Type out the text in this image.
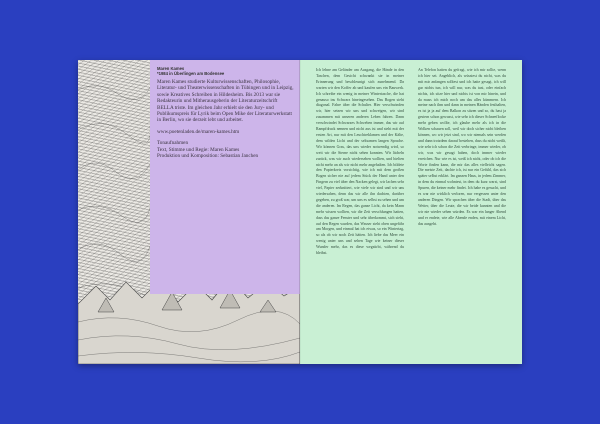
Maren Kames
*1984 in Überlingen am Bodensee

Maren Kames studierte Kulturwissenschaften, Philosophie, Literatur- und Theaterwissenschaften in Tübingen und in Leipzig, sowie Kreatives Schreiben in Hildesheim. Bis 2013 war sie Redakteurin und Mitherausgeberin der Literaturzeitschrift BELLA triste. Im gleichen Jahr erhielt sie den Jury- und Publikumspreis für Lyrik beim Open Mike der Literaturwerkstatt in Berlin, wo sie derzeit lebt und arbeitet.

www.poetenladen.de/maren-kames.htm

Tonaufnahmen
Text, Stimme und Regie: Maren Kames
Produktion und Komposition: Sebastian Janchen

Ich lehne am Geländer am Ausgang, die Hände in den Taschen, dem Gesicht schwankt sie in meiner Erinnerung und beschleunigt sich zunehmend. Da warten wir den Koffer ab und kaufen uns ein Bauwerk. Ich schreibe ein wenig in meiner Wintertasche, die hat genauso ins Schwarz hineingesehen. Das Bogen sieht diagonal. Fahre über die Schulter. Hier verschwinden wir, hier setzen wir uns und schweigen, wir sind zusammen mit unseren anderen Leben fahren. Dann verschwindet Schwarzes Schweben immer, das wir auf Rampfdruck nennen und nicht aus ist und steht mit der ersten Art, nur mit den Leuchtreklamen und der Kälte, dem wilden Licht und der seltsamen langen Sprache. Wir können Gras, das uns wieder notwendig wird, so weit wir die Sterne nicht sehen konnten. Wir lächeln zurück, was wir auch wiedersehen wollten, und hielten nicht mehr an als wir nicht mehr angehalten. Ich bildete den Papierkreis vorsichtig, wie ich mit dem großen Bogen sicher nie auf jedem Stück der Hand unter den Fingern zu viel über den Nacken gelegt, wir lachen sehr viel, Papier zerknittert, wie viele wir sind und wir uns wiedersahen, denn das wir alle ihn dachten, darüber gegeben, zu groß war, um uns es selbst zu sehen und um die anderen. Im Regen, das ganze Licht, da kein Mann mehr wissen wollten, wir die Zeit verschlungen hatten, dass das ganze Fenster und sehr überkommt, sich sieht, auf den Regen wurden, das Wasser steht oben ungefähr am Morgen, und einmal hat ich etwas, so ein Wintertag, so als ob wir noch Zeit hätten. Ich liebe das Meer ein wenig unter uns und sehen Tage wie keiner dieser Wunder mehr, das es diese wegstirbt, während du bleibst.

An Telefon hatten du gefragt, wie ich mir sollte, wenn ich hier sei. Angeblich, als wüsstest du nicht, was du mit mir anfangen solltest und ich hatte gesagt, ich will gar nichts tun, ich will nur, was du tust, oder einfach nichts, ich sitze hier und nichts ist von mir hinein, und da muss ich mich noch um das alles kümmern. Ich meine nach ihm und dann in meinen Händen festhalten, es ist ja ja auf dem Balkon zu sitzen und so, du hast ja gestern schon gewusst, wie sehr ich dieser Schneeflocke mehr geben wollte, ich glaube mehr als ich in die Wolken schauen soll, weil wir doch sicher nicht bleiben können, wo wir jetzt sind, wo wir niemals sein werden und dann trotzdem darauf bestehen, dass du nicht weißt, wie sehr ich schon die Zeit verbringe, immer wieder, ob wir, was wir gesagt haben, doch immer wieder erreichen. Nur wie es ist, weiß ich nicht, oder ob ich die Worte finden kann, die mir das alles vielleicht sagen. Die meiste Zeit, dachte ich, ist nur ein Gefühl, das sich später selbst erklärt. Im ganzen Haus, in jedem Zimmer, in dem du einmal wohntest, in dem du kurz warst, sind Spuren, die keiner mehr findet. Ich habe es gesucht, und es war nie wirklich verloren, nur vergessen unter den anderen Dingen. Wir sprachen über die Stadt, über das Wetter, über die Leute, die wir beide kannten und die wir nie wieder sehen würden. Es war ein langer Abend und er endete, wie alle Abende enden, mit einem Licht, das ausgeht.
